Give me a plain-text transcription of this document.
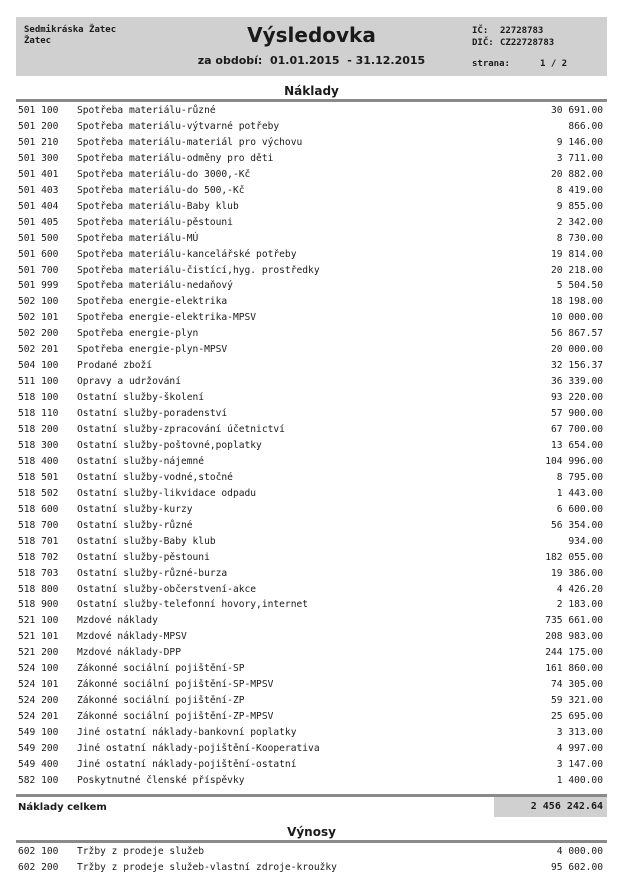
Sedmikráska Žatec
Žatec	Výsledovka
za období:  01.01.2015  - 31.12.2015
IČ: 22728783
DIČ: CZ22728783
strana:	1 / 2
Náklady
501 100 Spotřeba materiálu-různé	30 691.00
501 200 Spotřeba materiálu-výtvarné potřeby	866.00
501 210 Spotřeba materiálu-materiál pro výchovu	9 146.00
501 300 Spotřeba materiálu-odměny pro děti	3 711.00
501 401 Spotřeba materiálu-do 3000,-Kč	20 882.00
501 403 Spotřeba materiálu-do 500,-Kč	8 419.00
501 404 Spotřeba materiálu-Baby klub	9 855.00
501 405 Spotřeba materiálu-pěstouni	2 342.00
501 500 Spotřeba materiálu-MÚ	8 730.00
501 600 Spotřeba materiálu-kancelářské potřeby	19 814.00
501 700 Spotřeba materiálu-čistící,hyg. prostředky	20 218.00
501 999 Spotřeba materiálu-nedaňový	5 504.50
502 100 Spotřeba energie-elektrika	18 198.00
502 101 Spotřeba energie-elektrika-MPSV	10 000.00
502 200 Spotřeba energie-plyn	56 867.57
502 201 Spotřeba energie-plyn-MPSV	20 000.00
504 100 Prodané zboží	32 156.37
511 100 Opravy a udržování	36 339.00
518 100 Ostatní služby-školení	93 220.00
518 110 Ostatní služby-poradenství	57 900.00
518 200 Ostatní služby-zpracování účetnictví	67 700.00
518 300 Ostatní služby-poštovné,poplatky	13 654.00
518 400 Ostatní služby-nájemné	104 996.00
518 501 Ostatní služby-vodné,stočné	8 795.00
518 502 Ostatní služby-likvidace odpadu	1 443.00
518 600 Ostatní služby-kurzy	6 600.00
518 700 Ostatní služby-různé	56 354.00
518 701 Ostatní služby-Baby klub	934.00
518 702 Ostatní služby-pěstouni	182 055.00
518 703 Ostatní služby-různé-burza	19 386.00
518 800 Ostatní služby-občerstvení-akce	4 426.20
518 900 Ostatní služby-telefonní hovory,internet	2 183.00
521 100 Mzdové náklady	735 661.00
521 101 Mzdové náklady-MPSV	208 983.00
521 200 Mzdové náklady-DPP	244 175.00
524 100 Zákonné sociální pojištění-SP	161 860.00
524 101 Zákonné sociální pojištění-SP-MPSV	74 305.00
524 200 Zákonné sociální pojištění-ZP	59 321.00
524 201 Zákonné sociální pojištění-ZP-MPSV	25 695.00
549 100 Jiné ostatní náklady-bankovní poplatky	3 313.00
549 200 Jiné ostatní náklady-pojištění-Kooperativa	4 997.00
549 400 Jiné ostatní náklady-pojištění-ostatní	3 147.00
582 100 Poskytnutné členské příspěvky	1 400.00
Náklady celkem	2 456 242.64
Výnosy
602 100 Tržby z prodeje služeb	4 000.00
602 200 Tržby z prodeje služeb-vlastní zdroje-kroužky	95 602.00
